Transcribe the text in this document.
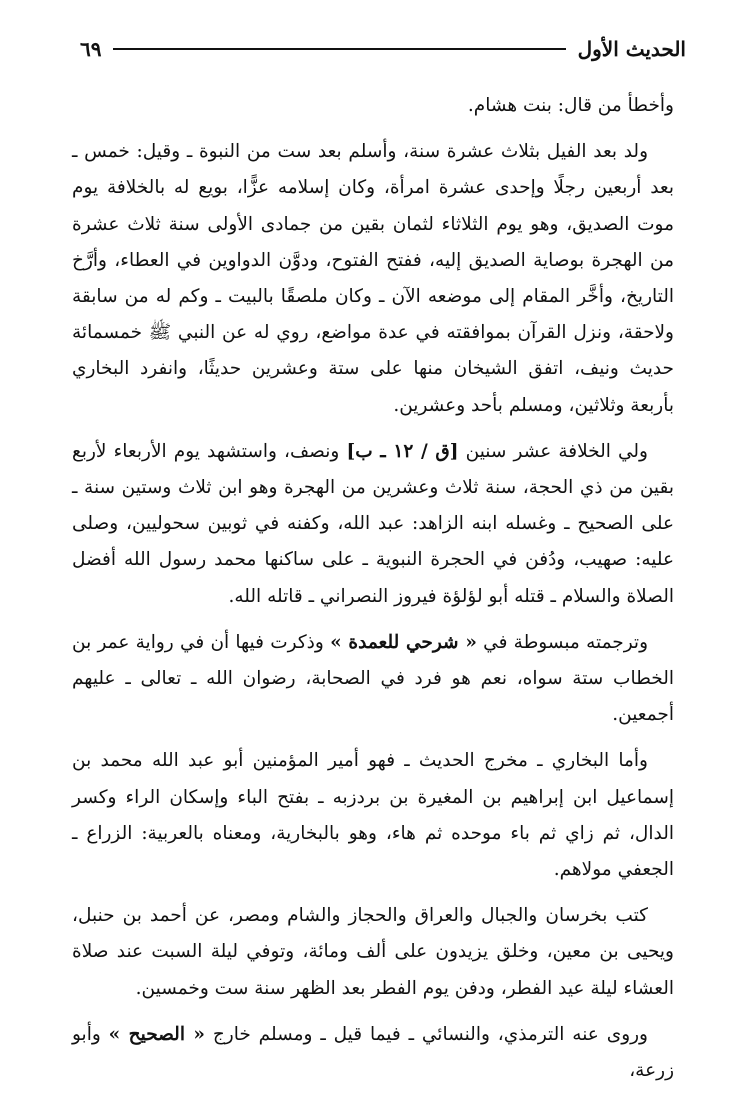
الحديث الأول
٦٩

وأخطأ من قال: بنت هشام.

ولد بعد الفيل بثلاث عشرة سنة، وأسلم بعد ست من النبوة ـ وقيل: خمس ـ بعد أربعين رجلًا وإحدى عشرة امرأة، وكان إسلامه عزًّا، بويع له بالخلافة يوم موت الصديق، وهو يوم الثلاثاء لثمان بقين من جمادى الأولى سنة ثلاث عشرة من الهجرة بوصاية الصديق إليه، ففتح الفتوح، ودوَّن الدواوين في العطاء، وأرَّخ التاريخ، وأخَّر المقام إلى موضعه الآن ـ وكان ملصقًا بالبيت ـ وكم له من سابقة ولاحقة، ونزل القرآن بموافقته في عدة مواضع، روي له عن النبي ﷺ خمسمائة حديث ونيف، اتفق الشيخان منها على ستة وعشرين حديثًا، وانفرد البخاري بأربعة وثلاثين، ومسلم بأحد وعشرين.

ولي الخلافة عشر سنين [ق / ١٢ ـ ب] ونصف، واستشهد يوم الأربعاء لأربع بقين من ذي الحجة، سنة ثلاث وعشرين من الهجرة وهو ابن ثلاث وستين سنة ـ على الصحيح ـ وغسله ابنه الزاهد: عبد الله، وكفنه في ثوبين سحوليين، وصلى عليه: صهيب، ودُفن في الحجرة النبوية ـ على ساكنها محمد رسول الله أفضل الصلاة والسلام ـ قتله أبو لؤلؤة فيروز النصراني ـ قاتله الله.

وترجمته مبسوطة في « شرحي للعمدة » وذكرت فيها أن في رواية عمر بن الخطاب ستة سواه، نعم هو فرد في الصحابة، رضوان الله ـ تعالى ـ عليهم أجمعين.

وأما البخاري ـ مخرج الحديث ـ فهو أمير المؤمنين أبو عبد الله محمد بن إسماعيل ابن إبراهيم بن المغيرة بن بردزبه ـ بفتح الباء وإسكان الراء وكسر الدال، ثم زاي ثم باء موحده ثم هاء، وهو بالبخارية، ومعناه بالعربية: الزراع ـ الجعفي مولاهم.

كتب بخرسان والجبال والعراق والحجاز والشام ومصر، عن أحمد بن حنبل، ويحيى بن معين، وخلق يزيدون على ألف ومائة، وتوفي ليلة السبت عند صلاة العشاء ليلة عيد الفطر، ودفن يوم الفطر بعد الظهر سنة ست وخمسين.

وروى عنه الترمذي، والنسائي ـ فيما قيل ـ ومسلم خارج « الصحيح » وأبو زرعة،
